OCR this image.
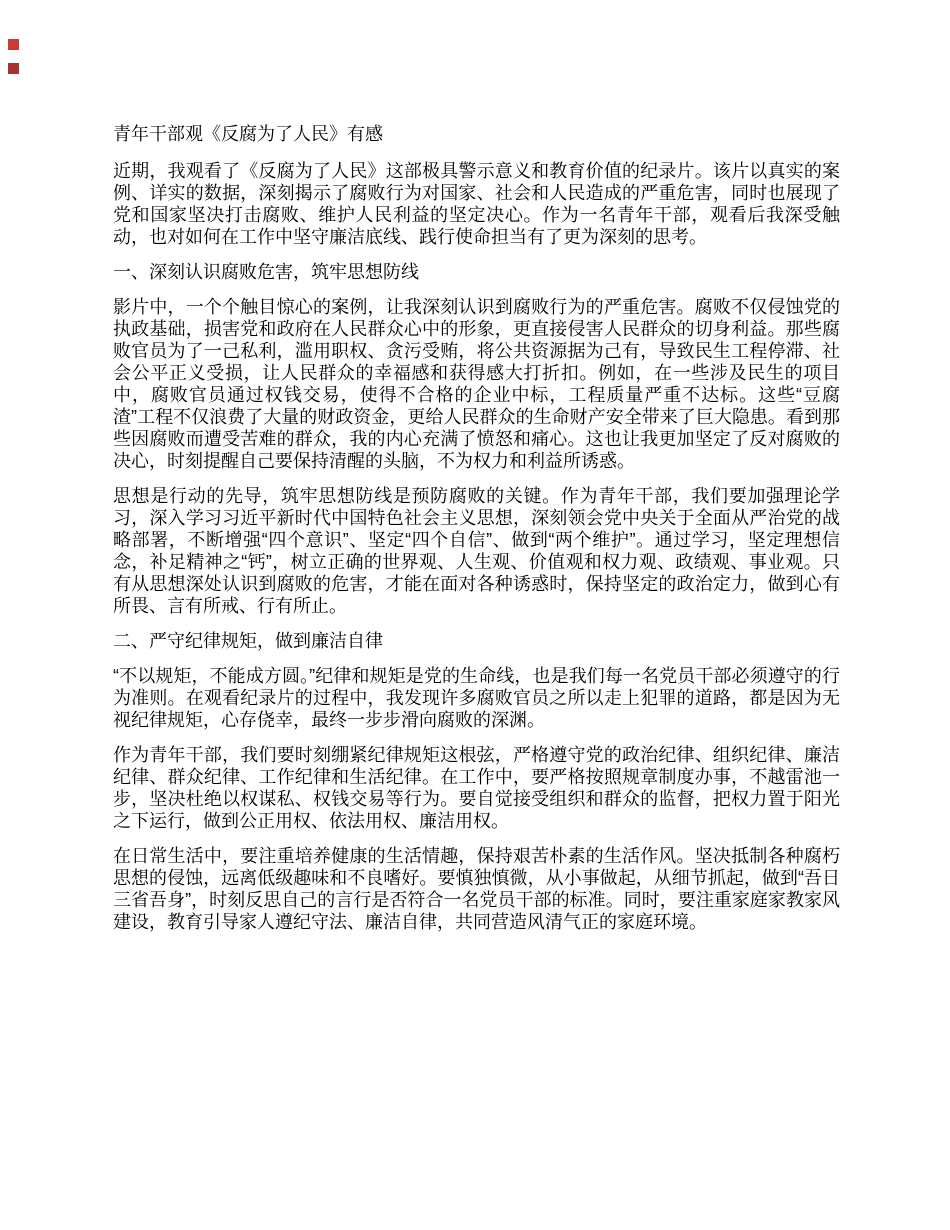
青年干部观《反腐为了人民》有感

近期，我观看了《反腐为了人民》这部极具警示意义和教育价值的纪录片。该片以真实的案例、详实的数据，深刻揭示了腐败行为对国家、社会和人民造成的严重危害，同时也展现了党和国家坚决打击腐败、维护人民利益的坚定决心。作为一名青年干部，观看后我深受触动，也对如何在工作中坚守廉洁底线、践行使命担当有了更为深刻的思考。

一、深刻认识腐败危害，筑牢思想防线

影片中，一个个触目惊心的案例，让我深刻认识到腐败行为的严重危害。腐败不仅侵蚀党的执政基础，损害党和政府在人民群众心中的形象，更直接侵害人民群众的切身利益。那些腐败官员为了一己私利，滥用职权、贪污受贿，将公共资源据为己有，导致民生工程停滞、社会公平正义受损，让人民群众的幸福感和获得感大打折扣。例如，在一些涉及民生的项目中，腐败官员通过权钱交易，使得不合格的企业中标，工程质量严重不达标。这些“豆腐渣”工程不仅浪费了大量的财政资金，更给人民群众的生命财产安全带来了巨大隐患。看到那些因腐败而遭受苦难的群众，我的内心充满了愤怒和痛心。这也让我更加坚定了反对腐败的决心，时刻提醒自己要保持清醒的头脑，不为权力和利益所诱惑。

思想是行动的先导，筑牢思想防线是预防腐败的关键。作为青年干部，我们要加强理论学习，深入学习习近平新时代中国特色社会主义思想，深刻领会党中央关于全面从严治党的战略部署，不断增强“四个意识”、坚定“四个自信”、做到“两个维护”。通过学习，坚定理想信念，补足精神之“钙”，树立正确的世界观、人生观、价值观和权力观、政绩观、事业观。只有从思想深处认识到腐败的危害，才能在面对各种诱惑时，保持坚定的政治定力，做到心有所畏、言有所戒、行有所止。

二、严守纪律规矩，做到廉洁自律

“不以规矩，不能成方圆。”纪律和规矩是党的生命线，也是我们每一名党员干部必须遵守的行为准则。在观看纪录片的过程中，我发现许多腐败官员之所以走上犯罪的道路，都是因为无视纪律规矩，心存侥幸，最终一步步滑向腐败的深渊。

作为青年干部，我们要时刻绷紧纪律规矩这根弦，严格遵守党的政治纪律、组织纪律、廉洁纪律、群众纪律、工作纪律和生活纪律。在工作中，要严格按照规章制度办事，不越雷池一步，坚决杜绝以权谋私、权钱交易等行为。要自觉接受组织和群众的监督，把权力置于阳光之下运行，做到公正用权、依法用权、廉洁用权。

在日常生活中，要注重培养健康的生活情趣，保持艰苦朴素的生活作风。坚决抵制各种腐朽思想的侵蚀，远离低级趣味和不良嗜好。要慎独慎微，从小事做起，从细节抓起，做到“吾日三省吾身”，时刻反思自己的言行是否符合一名党员干部的标准。同时，要注重家庭家教家风建设，教育引导家人遵纪守法、廉洁自律，共同营造风清气正的家庭环境。
